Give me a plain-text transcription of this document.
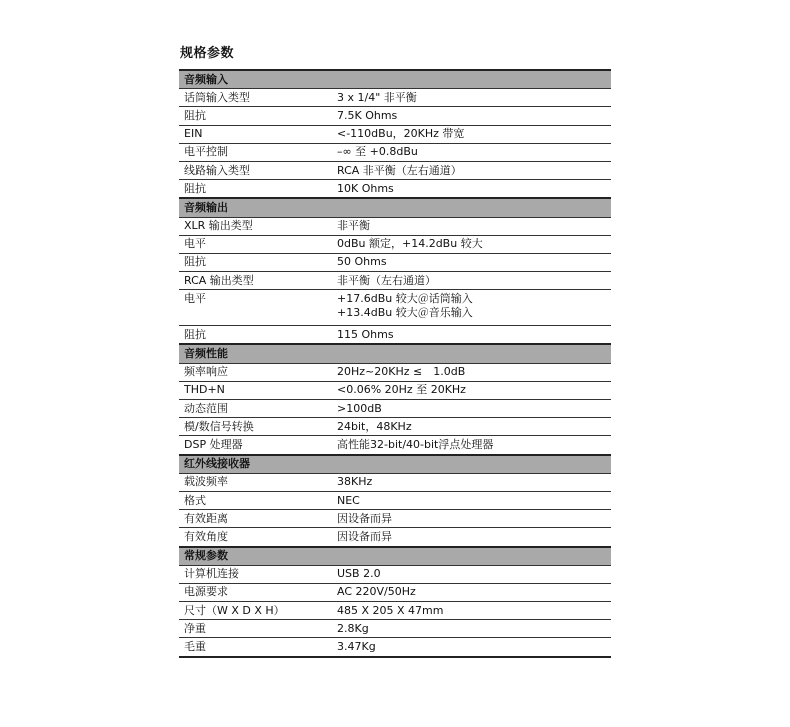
规格参数
音频输入	
话筒输入类型	3 x 1/4" 非平衡
阻抗	7.5K Ohms
EIN	<-110dBu，20KHz 带宽
电平控制	–∞ 至 +0.8dBu
线路输入类型	RCA 非平衡（左右通道）
阻抗	10K Ohms
音频输出	
XLR 输出类型	非平衡
电平	0dBu 额定，+14.2dBu 较大
阻抗	50 Ohms
RCA 输出类型	非平衡（左右通道）
电平	+17.6dBu 较大＠话筒输入
+13.4dBu 较大＠音乐输入

阻抗	115 Ohms
音频性能	
频率响应	20Hz~20KHz ≤　1.0dB
THD+N	<0.06% 20Hz 至 20KHz
动态范围	>100dB
模/数信号转换	24bit，48KHz
DSP 处理器	高性能32-bit/40-bit浮点处理器
红外线接收器	
载波频率	38KHz
格式	NEC
有效距离	因设备而异
有效角度	因设备而异
常规参数	
计算机连接	USB 2.0
电源要求	AC 220V/50Hz
尺寸（W X D X H）	485 X 205 X 47mm
净重	2.8Kg
毛重	3.47Kg
